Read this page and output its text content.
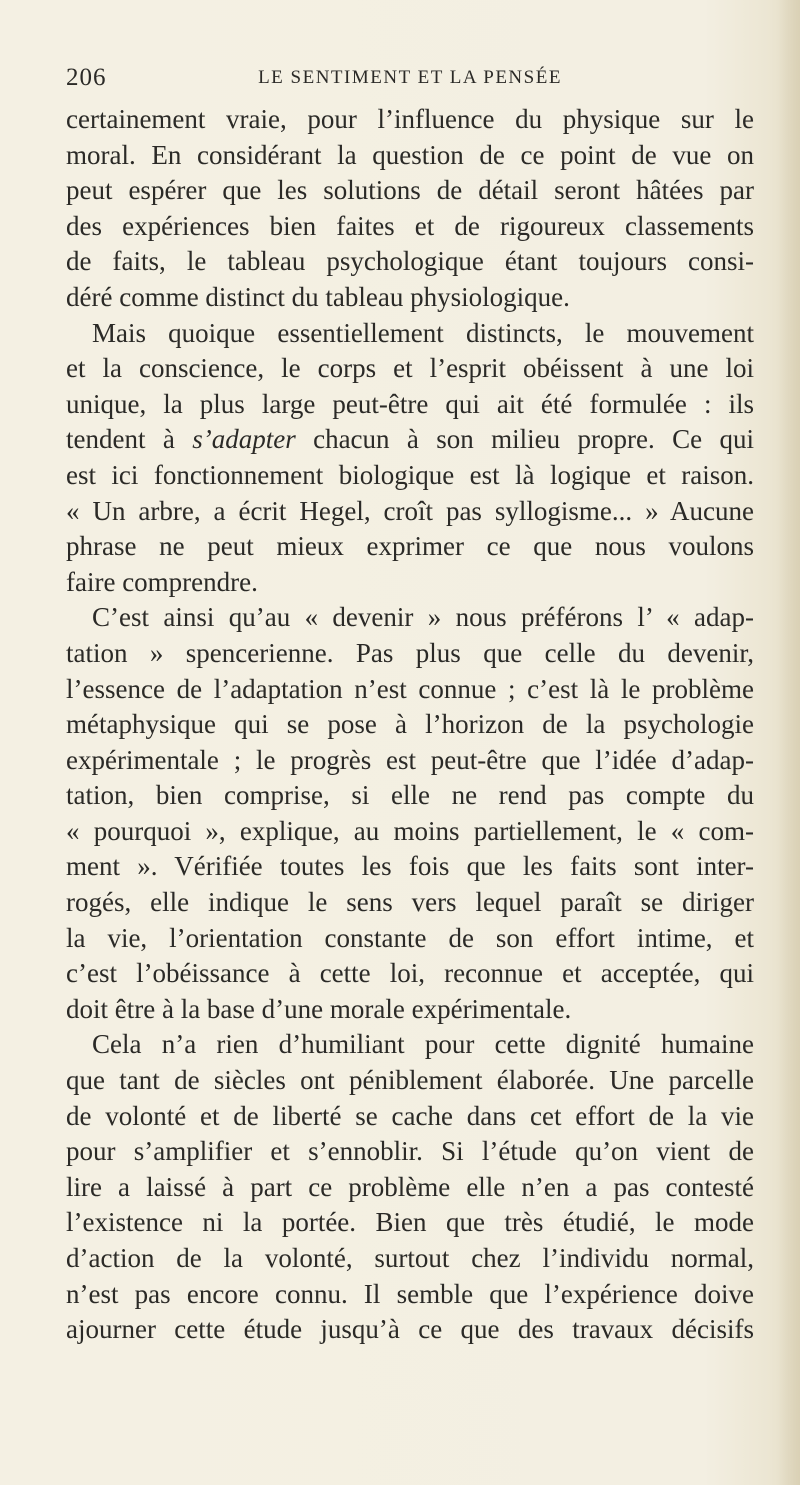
206	LE SENTIMENT ET LA PENSÉE
certainement vraie, pour l’influence du physique sur le
moral. En considérant la question de ce point de vue on
peut espérer que les solutions de détail seront hâtées par
des expériences bien faites et de rigoureux classements
de faits, le tableau psychologique étant toujours consi-
déré comme distinct du tableau physiologique.
Mais quoique essentiellement distincts, le mouvement
et la conscience, le corps et l’esprit obéissent à une loi
unique, la plus large peut-être qui ait été formulée : ils
tendent à s’adapter chacun à son milieu propre. Ce qui
est ici fonctionnement biologique est là logique et raison.
« Un arbre, a écrit Hegel, croît pas syllogisme... » Aucune
phrase ne peut mieux exprimer ce que nous voulons
faire comprendre.
C’est ainsi qu’au « devenir » nous préférons l’ « adap-
tation » spencerienne. Pas plus que celle du devenir,
l’essence de l’adaptation n’est connue ; c’est là le problème
métaphysique qui se pose à l’horizon de la psychologie
expérimentale ; le progrès est peut-être que l’idée d’adap-
tation, bien comprise, si elle ne rend pas compte du
« pourquoi », explique, au moins partiellement, le « com-
ment ». Vérifiée toutes les fois que les faits sont inter-
rogés, elle indique le sens vers lequel paraît se diriger
la vie, l’orientation constante de son effort intime, et
c’est l’obéissance à cette loi, reconnue et acceptée, qui
doit être à la base d’une morale expérimentale.
Cela n’a rien d’humiliant pour cette dignité humaine
que tant de siècles ont péniblement élaborée. Une parcelle
de volonté et de liberté se cache dans cet effort de la vie
pour s’amplifier et s’ennoblir. Si l’étude qu’on vient de
lire a laissé à part ce problème elle n’en a pas contesté
l’existence ni la portée. Bien que très étudié, le mode
d’action de la volonté, surtout chez l’individu normal,
n’est pas encore connu. Il semble que l’expérience doive
ajourner cette étude jusqu’à ce que des travaux décisifs
